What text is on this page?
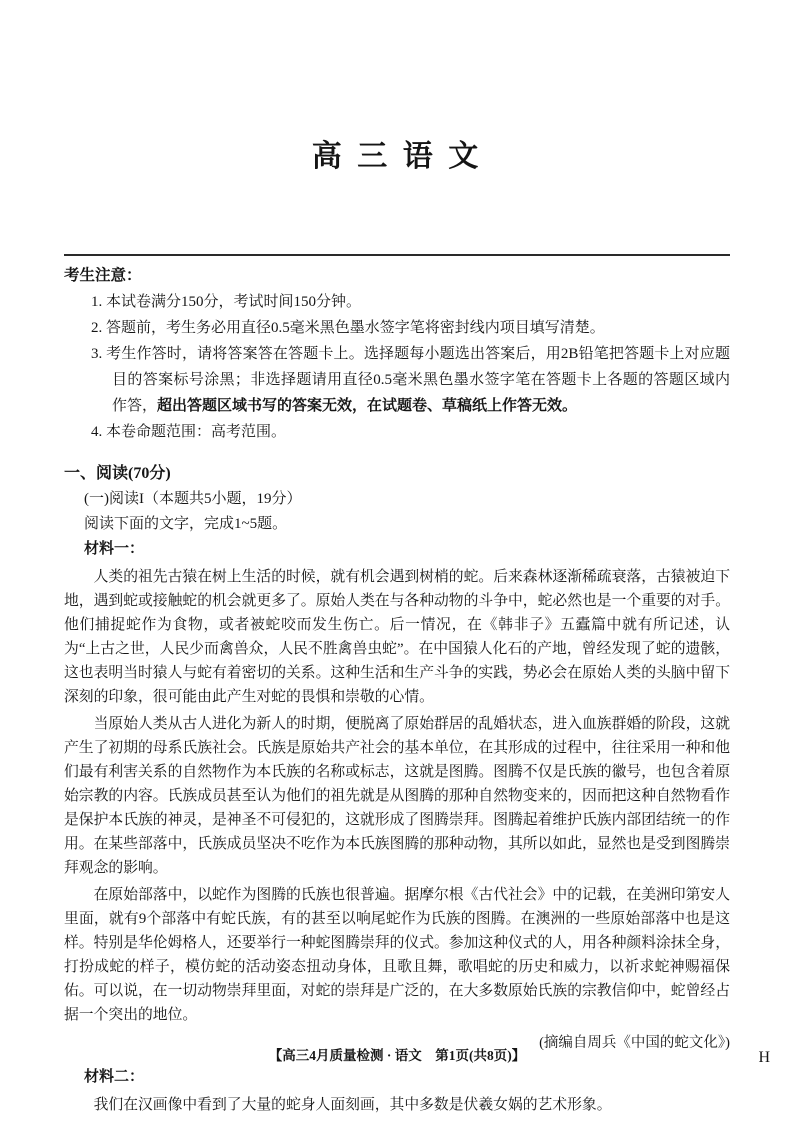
高 三 语 文
考生注意：
1. 本试卷满分150分，考试时间150分钟。
2. 答题前，考生务必用直径0.5毫米黑色墨水签字笔将密封线内项目填写清楚。
3. 考生作答时，请将答案答在答题卡上。选择题每小题选出答案后，用2B铅笔把答题卡上对应题目的答案标号涂黑；非选择题请用直径0.5毫米黑色墨水签字笔在答题卡上各题的答题区域内作答，超出答题区域书写的答案无效，在试题卷、草稿纸上作答无效。
4. 本卷命题范围：高考范围。
一、阅读(70分)
(一)阅读I（本题共5小题，19分）
阅读下面的文字，完成1~5题。
材料一：

人类的祖先古猿在树上生活的时候，就有机会遇到树梢的蛇。后来森林逐渐稀疏衰落，古猿被迫下地，遇到蛇或接触蛇的机会就更多了。原始人类在与各种动物的斗争中，蛇必然也是一个重要的对手。他们捕捉蛇作为食物，或者被蛇咬而发生伤亡。后一情况，在《韩非子》五蠹篇中就有所记述，认为“上古之世，人民少而禽兽众，人民不胜禽兽虫蛇”。在中国猿人化石的产地，曾经发现了蛇的遗骸，这也表明当时猿人与蛇有着密切的关系。这种生活和生产斗争的实践，势必会在原始人类的头脑中留下深刻的印象，很可能由此产生对蛇的畏惧和崇敬的心情。

当原始人类从古人进化为新人的时期，便脱离了原始群居的乱婚状态，进入血族群婚的阶段，这就产生了初期的母系氏族社会。氏族是原始共产社会的基本单位，在其形成的过程中，往往采用一种和他们最有利害关系的自然物作为本氏族的名称或标志，这就是图腾。图腾不仅是氏族的徽号，也包含着原始宗教的内容。氏族成员甚至认为他们的祖先就是从图腾的那种自然物变来的，因而把这种自然物看作是保护本氏族的神灵，是神圣不可侵犯的，这就形成了图腾崇拜。图腾起着维护氏族内部团结统一的作用。在某些部落中，氏族成员坚决不吃作为本氏族图腾的那种动物，其所以如此，显然也是受到图腾崇拜观念的影响。

在原始部落中，以蛇作为图腾的氏族也很普遍。据摩尔根《古代社会》中的记载，在美洲印第安人里面，就有9个部落中有蛇氏族，有的甚至以响尾蛇作为氏族的图腾。在澳洲的一些原始部落中也是这样。特别是华伦姆格人，还要举行一种蛇图腾崇拜的仪式。参加这种仪式的人，用各种颜料涂抹全身，打扮成蛇的样子，模仿蛇的活动姿态扭动身体，且歌且舞，歌唱蛇的历史和威力，以祈求蛇神赐福保佑。可以说，在一切动物崇拜里面，对蛇的崇拜是广泛的，在大多数原始氏族的宗教信仰中，蛇曾经占据一个突出的地位。

(摘编自周兵《中国的蛇文化》)
材料二：

我们在汉画像中看到了大量的蛇身人面刻画，其中多数是伏羲女娲的艺术形象。

【高三4月质量检测 · 语文　第1页(共8页)】	H
